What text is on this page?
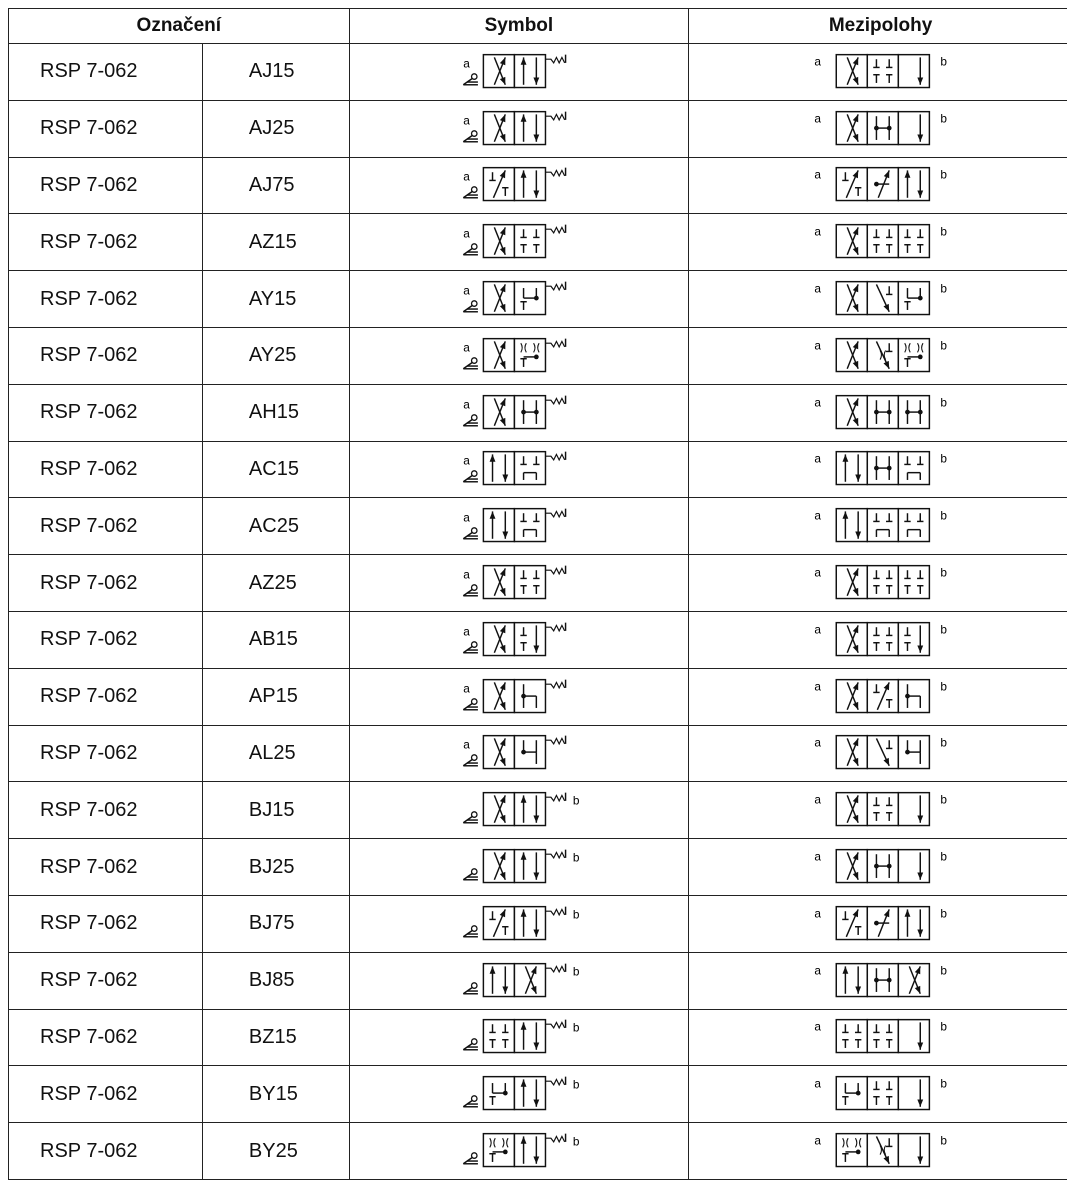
Označení		Symbol	Mezipolohy
RSP 7-062	AJ15	a	a b

RSP 7-062	AJ25	a	a b

RSP 7-062	AJ75	a	a b

RSP 7-062	AZ15	a	a b

RSP 7-062	AY15	a	a b

RSP 7-062	AY25	a	a b

RSP 7-062	AH15	a	a b

RSP 7-062	AC15	a	a b

RSP 7-062	AC25	a	a b

RSP 7-062	AZ25	a	a b

RSP 7-062	AB15	a	a b

RSP 7-062	AP15	a	a b

RSP 7-062	AL25	a	a b

RSP 7-062	BJ15	b	a b

RSP 7-062	BJ25	b	a b

RSP 7-062	BJ75	b	a b

RSP 7-062	BJ85	b	a b

RSP 7-062	BZ15	b	a b

RSP 7-062	BY15	b	a b

RSP 7-062	BY25	b	a b
